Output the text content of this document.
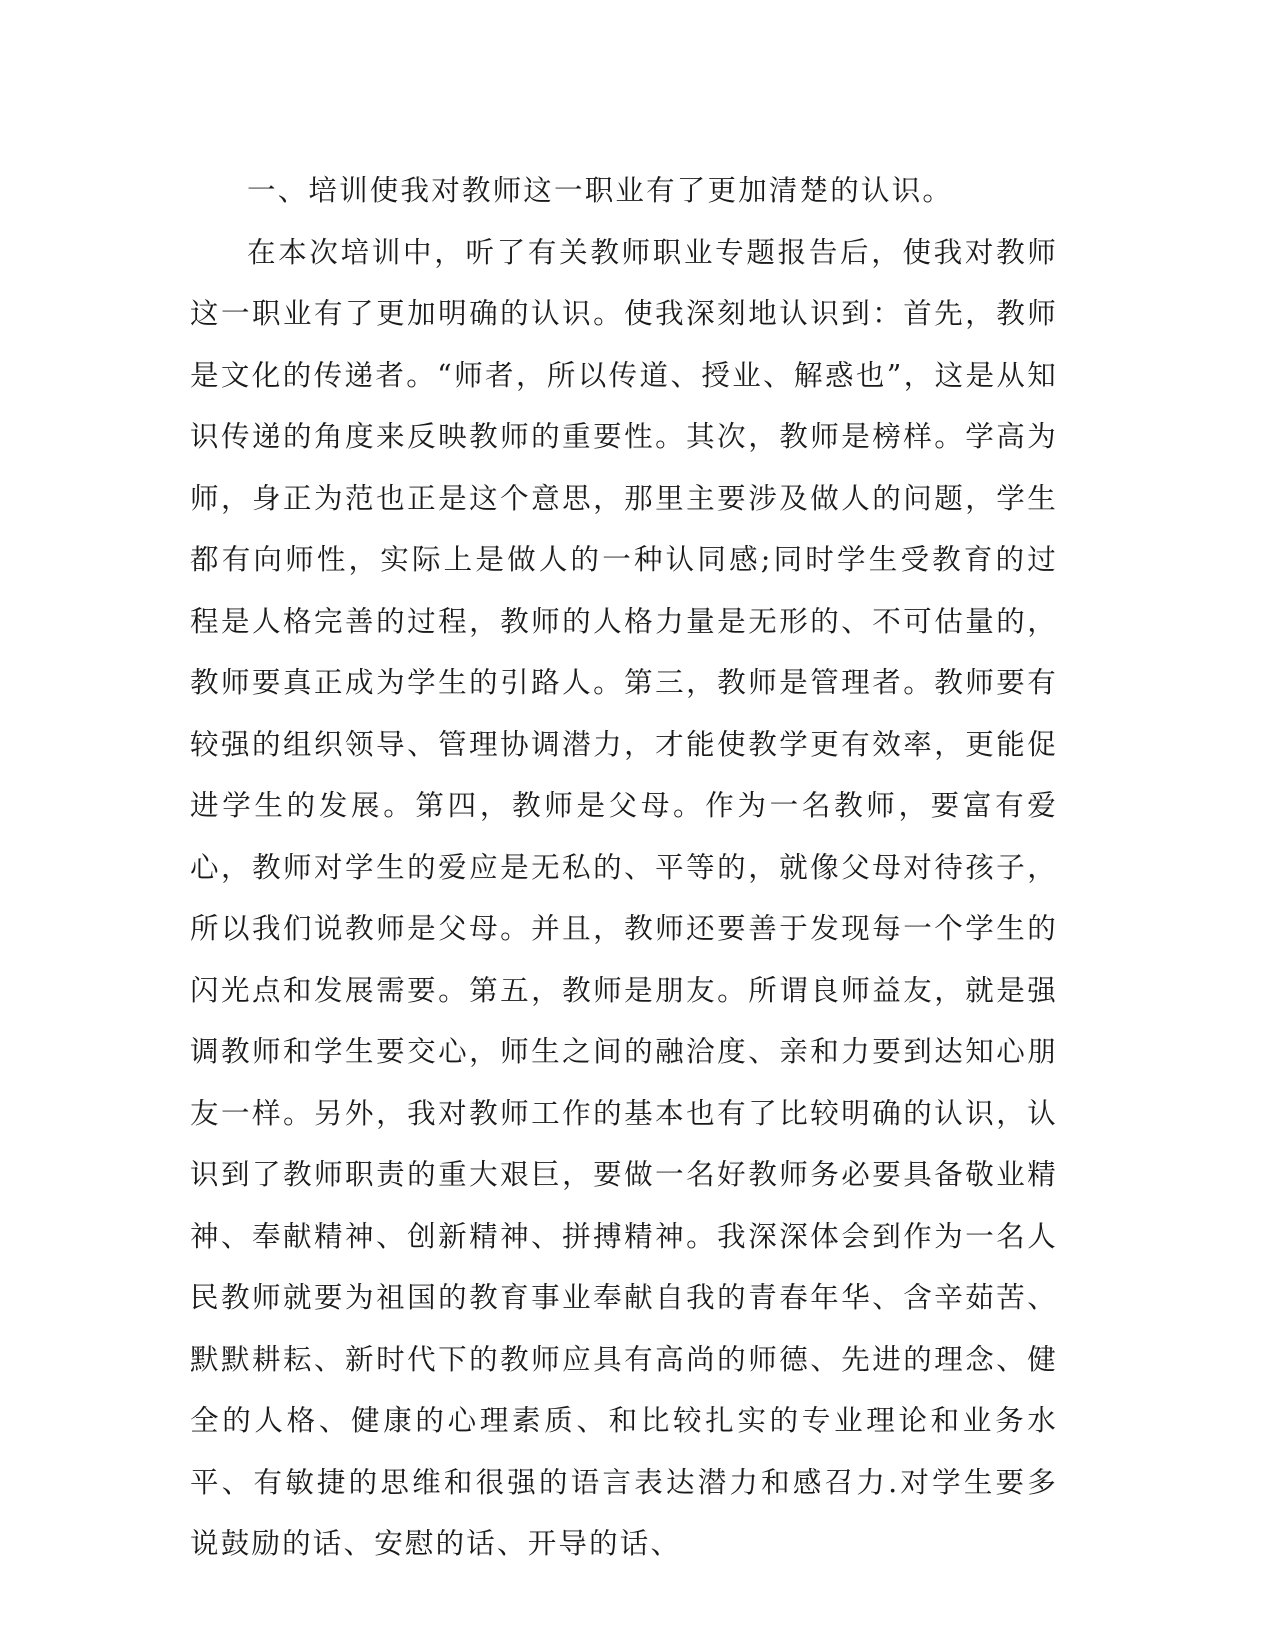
一、培训使我对教师这一职业有了更加清楚的认识。

在本次培训中，听了有关教师职业专题报告后，使我对教师这一职业有了更加明确的认识。使我深刻地认识到：首先，教师是文化的传递者。“师者，所以传道、授业、解惑也”，这是从知识传递的角度来反映教师的重要性。其次，教师是榜样。学高为师，身正为范也正是这个意思，那里主要涉及做人的问题，学生都有向师性，实际上是做人的一种认同感;同时学生受教育的过程是人格完善的过程，教师的人格力量是无形的、不可估量的，教师要真正成为学生的引路人。第三，教师是管理者。教师要有较强的组织领导、管理协调潜力，才能使教学更有效率，更能促进学生的发展。第四，教师是父母。作为一名教师，要富有爱心，教师对学生的爱应是无私的、平等的，就像父母对待孩子，所以我们说教师是父母。并且，教师还要善于发现每一个学生的闪光点和发展需要。第五，教师是朋友。所谓良师益友，就是强调教师和学生要交心，师生之间的融洽度、亲和力要到达知心朋友一样。另外，我对教师工作的基本也有了比较明确的认识，认识到了教师职责的重大艰巨，要做一名好教师务必要具备敬业精神、奉献精神、创新精神、拼搏精神。我深深体会到作为一名人民教师就要为祖国的教育事业奉献自我的青春年华、含辛茹苦、默默耕耘、新时代下的教师应具有高尚的师德、先进的理念、健全的人格、健康的心理素质、和比较扎实的专业理论和业务水平、有敏捷的思维和很强的语言表达潜力和感召力.对学生要多说鼓励的话、安慰的话、开导的话、
